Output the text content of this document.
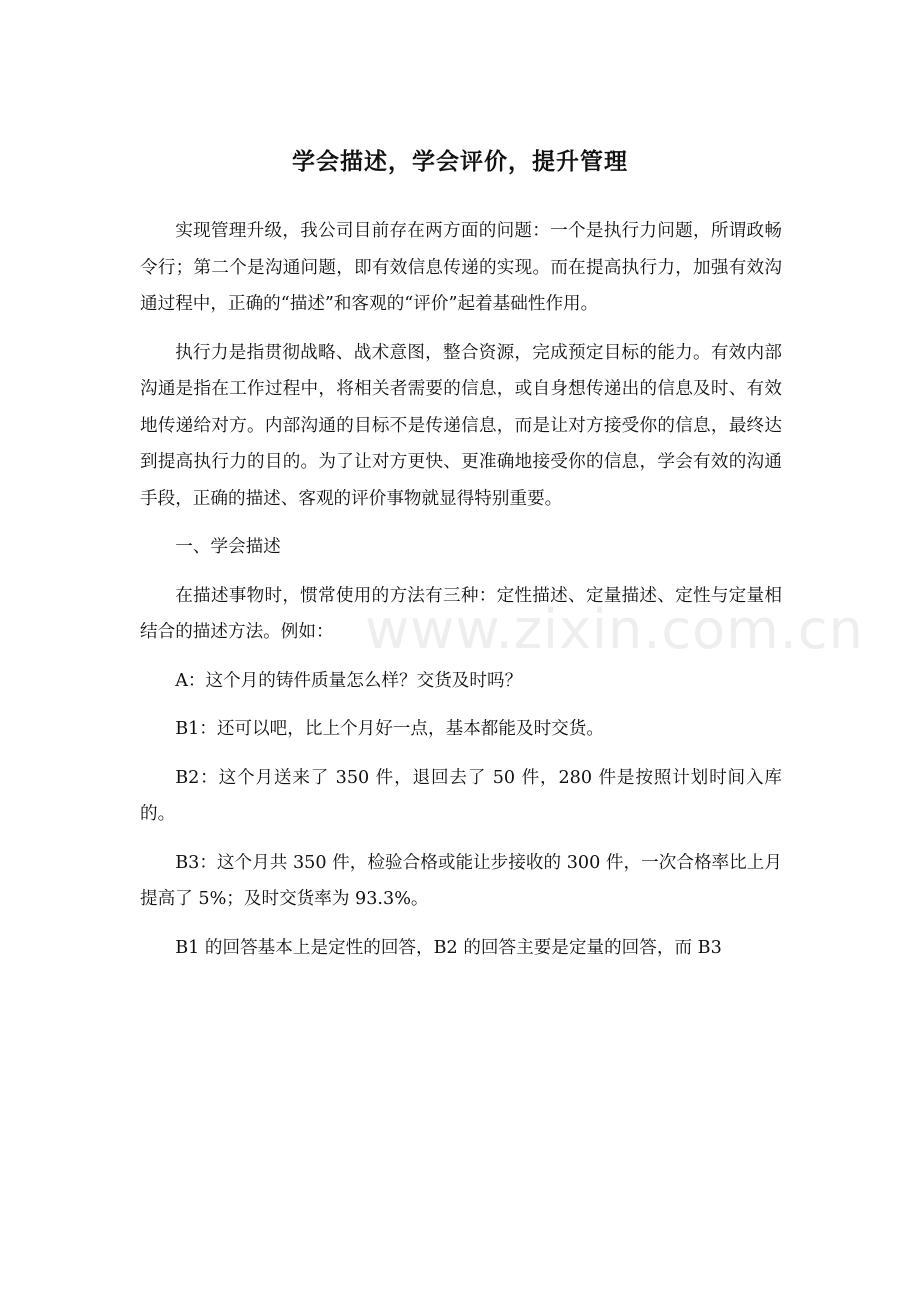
学会描述，学会评价，提升管理

实现管理升级，我公司目前存在两方面的问题：一个是执行力问题，所谓政畅令行；第二个是沟通问题，即有效信息传递的实现。而在提高执行力，加强有效沟通过程中，正确的“描述”和客观的“评价”起着基础性作用。

执行力是指贯彻战略、战术意图，整合资源，完成预定目标的能力。有效内部沟通是指在工作过程中，将相关者需要的信息，或自身想传递出的信息及时、有效地传递给对方。内部沟通的目标不是传递信息，而是让对方接受你的信息，最终达到提高执行力的目的。为了让对方更快、更准确地接受你的信息，学会有效的沟通手段，正确的描述、客观的评价事物就显得特别重要。

一、学会描述

在描述事物时，惯常使用的方法有三种：定性描述、定量描述、定性与定量相结合的描述方法。例如：

A：这个月的铸件质量怎么样？交货及时吗？

B1：还可以吧，比上个月好一点，基本都能及时交货。

B2：这个月送来了 350 件，退回去了 50 件，280 件是按照计划时间入库的。

B3：这个月共 350 件，检验合格或能让步接收的 300 件，一次合格率比上月提高了 5%；及时交货率为 93.3%。

B1 的回答基本上是定性的回答，B2 的回答主要是定量的回答，而 B3

www.zixin.com.cn
